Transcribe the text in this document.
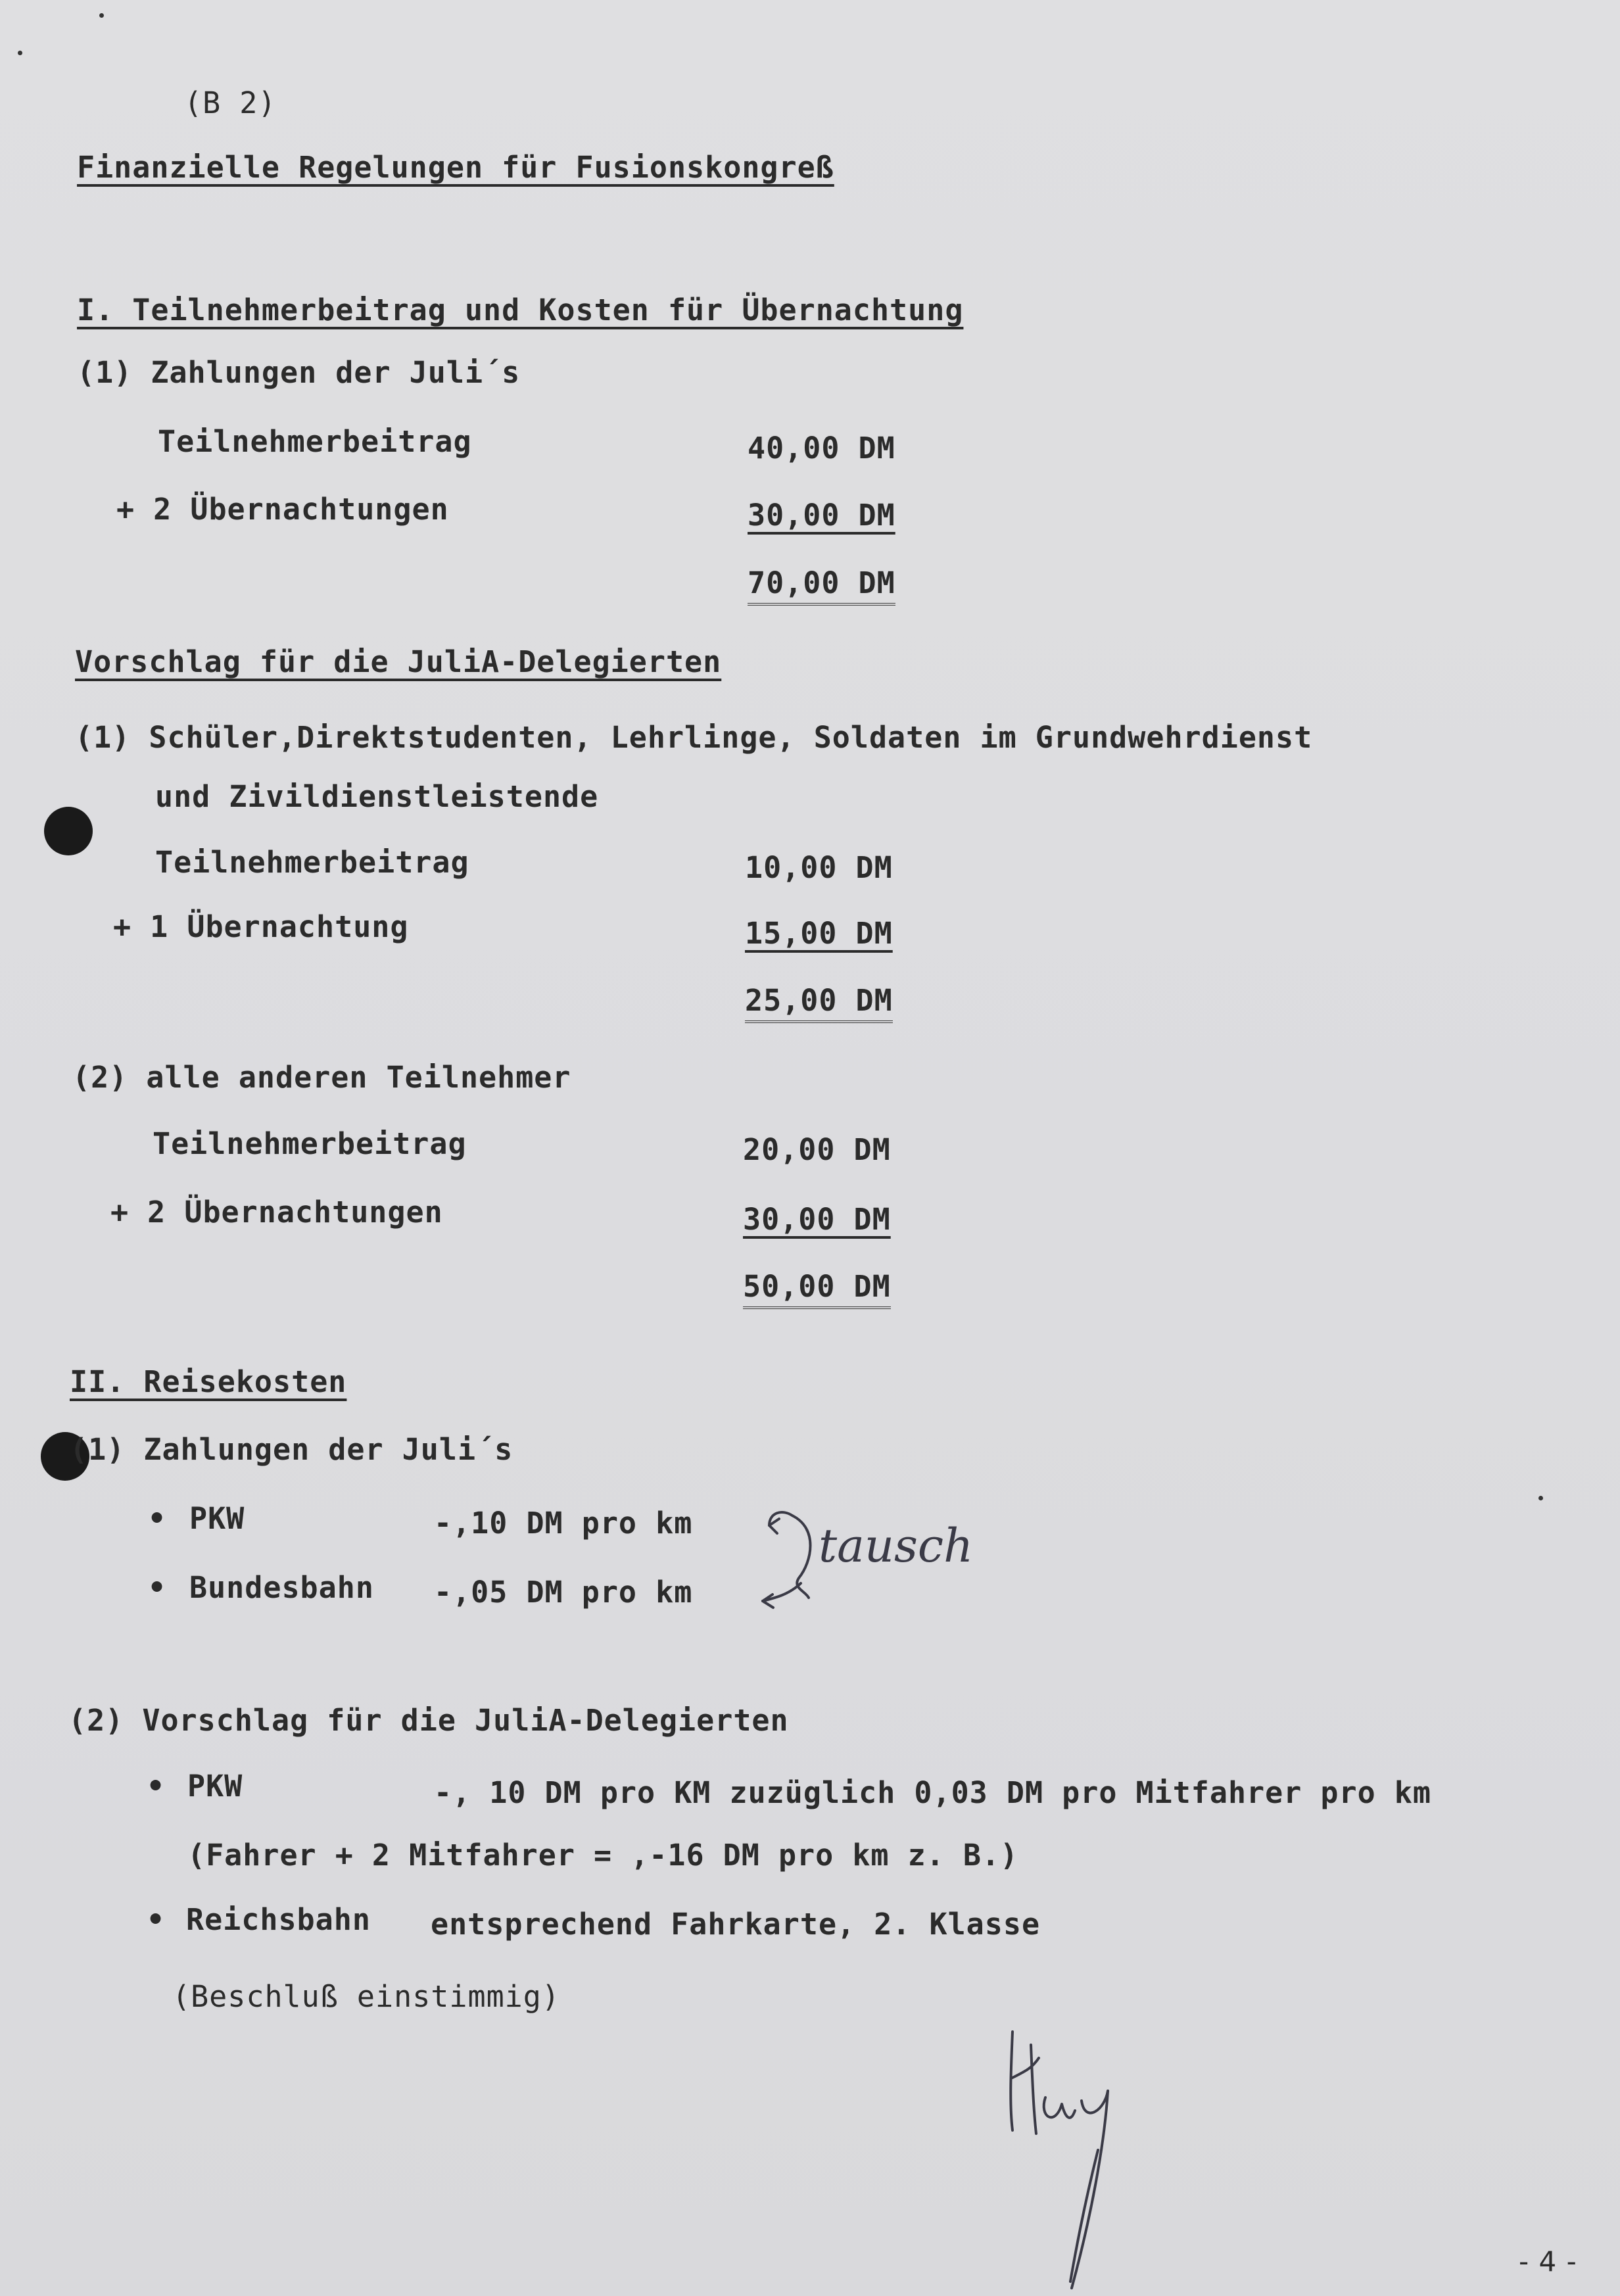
(B 2)
Finanzielle Regelungen für Fusionskongreß
I. Teilnehmerbeitrag und Kosten für Übernachtung
(1) Zahlungen der Juli´s
Teilnehmerbeitrag	40,00 DM
+ 2 Übernachtungen	30,00 DM
70,00 DM
Vorschlag für die JuliA-Delegierten
(1) Schüler,Direktstudenten, Lehrlinge, Soldaten im Grundwehrdienst
und Zivildienstleistende
Teilnehmerbeitrag	10,00 DM
+ 1 Übernachtung	15,00 DM
25,00 DM
(2) alle anderen Teilnehmer
Teilnehmerbeitrag	20,00 DM
+ 2 Übernachtungen	30,00 DM
50,00 DM
II. Reisekosten
(1) Zahlungen der Juli´s
• PKW	-,10 DM pro km
• Bundesbahn -,05 DM pro km
tausch
(2) Vorschlag für die JuliA-Delegierten
• PKW	-, 10 DM pro KM zuzüglich 0,03 DM pro Mitfahrer pro km
(Fahrer + 2 Mitfahrer = ,-16 DM pro km z. B.)
• Reichsbahn entsprechend Fahrkarte, 2. Klasse
(Beschluß einstimmig)
- 4 -
